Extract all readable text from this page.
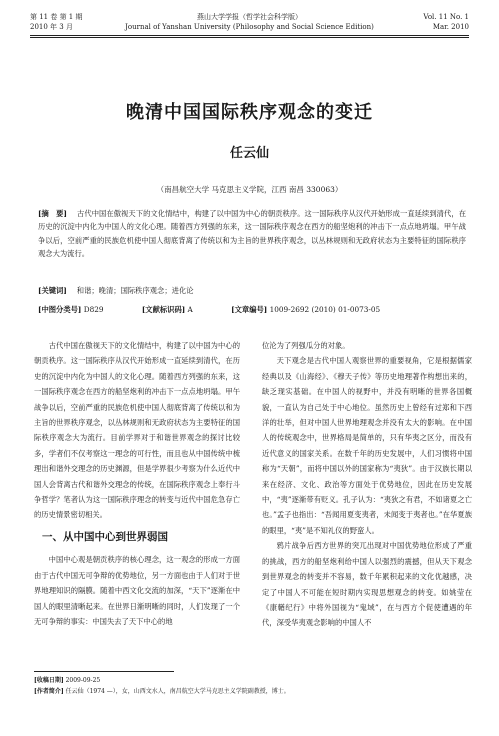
第 11 卷 第 1 期
2010 年 3 月
燕山大学学报（哲学社会科学版）
Journal of Yanshan University (Philosophy and Social Science Edition)
Vol. 11 No. 1
Mar. 2010
晚清中国国际秩序观念的变迁
任云仙
（南昌航空大学 马克思主义学院，江西 南昌 330063）
[摘　要] 古代中国在傲视天下的文化情结中，构建了以中国为中心的朝贡秩序。这一国际秩序从汉代开始形成一直延续到清代，在历史的沉淀中内化为中国人的文化心理。随着西方列强的东来，这一国际秩序观念在西方的船坚炮利的冲击下一点点地坍塌。甲午战争以后，空前严重的民族危机使中国人彻底背离了传统以和为主旨的世界秩序观念，以丛林规则和无政府状态为主要特征的国际秩序观念大为流行。
[关键词] 和谐；晚清；国际秩序观念；进化论
[中图分类号] D829	[文献标识码] A	[文章编号] 1009-2692 (2010) 01-0073-05

古代中国在傲视天下的文化情结中，构建了以中国为中心的朝贡秩序。这一国际秩序从汉代开始形成一直延续到清代，在历史的沉淀中内化为中国人的文化心理。随着西方列强的东来，这一国际秩序观念在西方的船坚炮利的冲击下一点点地坍塌。甲午战争以后，空前严重的民族危机使中国人彻底背离了传统以和为主旨的世界秩序观念，以丛林规则和无政府状态为主要特征的国际秩序观念大为流行。目前学界对于和谐世界观念的探讨比较多，学者们不仅考察这一理念的可行性，而且也从中国传统中梳理出和谐外交理念的历史渊源，但是学界很少考察为什么近代中国人会背离古代和谐外交理念的传统，在国际秩序观念上奉行斗争哲学？笔者认为这一国际秩序理念的转变与近代中国危急存亡的历史情景密切相关。

一、从中国中心到世界弱国

中国中心观是朝贡秩序的核心理念，这一观念的形成一方面由于古代中国无可争辩的优势地位，另一方面也由于人们对于世界地理知识的隔膜。随着中西文化交流的加深，“天下”逐渐在中国人的眼里清晰起来。在世界日渐明晰的同时，人们发现了一个无可争辩的事实：中国失去了天下中心的地

位沦为了列强瓜分的对象。

天下观念是古代中国人观察世界的重要视角，它是根据儒家经典以及《山海经》、《穆天子传》等历史地理著作构想出来的，缺乏现实基础。在中国人的视野中，并没有明晰的世界各国概貌，一直认为自己处于中心地位。虽然历史上曾经有过郑和下西洋的壮举，但对中国人世界地理观念并没有太大的影响。在中国人的传统观念中，世界格局是简单的，只有华夷之区分，而没有近代意义的国家关系。在数千年的历史发展中，人们习惯将中国称为“天朝”，而将中国以外的国家称为“夷狄”。由于汉族长期以来在经济、文化、政治等方面处于优势地位，因此在历史发展中，“夷”逐渐带有贬义。孔子认为：“夷狄之有君，不如诸夏之亡也。”孟子也指出：“吾闻用夏变夷者，未闻变于夷者也。”在华夏族的眼里，“夷”是不知礼仪的野蛮人。

鸦片战争后西方世界的突兀出现对中国优势地位形成了严重的挑战，西方的船坚炮利给中国人以强烈的震撼，但从天下观念到世界观念的转变并不容易，数千年累积起来的文化优越感，决定了中国人不可能在短时期内实现思想观念的转变。如姚莹在《康輶纪行》中将外国视为“鬼域”，在与西方个促使遭遇的年代，深受华夷观念影响的中国人不

[收稿日期] 2009-09-25
[作者简介] 任云仙（1974 —），女，山西文水人，南昌航空大学马克思主义学院副教授，博士。
